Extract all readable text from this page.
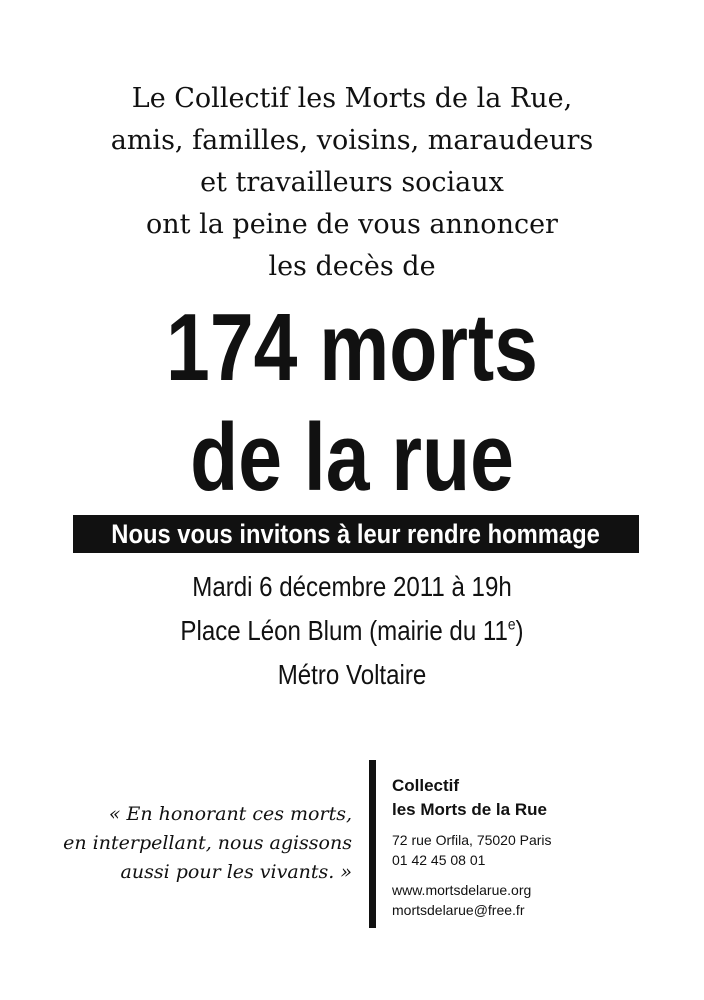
Le Collectif les Morts de la Rue,
amis, familles, voisins, maraudeurs
et travailleurs sociaux
ont la peine de vous annoncer
les decès de
174 morts
de la rue
Nous vous invitons à leur rendre hommage
Mardi 6 décembre 2011 à 19h
Place Léon Blum (mairie du 11e)
Métro Voltaire
« En honorant ces morts,
en interpellant, nous agissons
aussi pour les vivants. »
Collectif
les Morts de la Rue
72 rue Orfila, 75020 Paris
01 42 45 08 01
www.mortsdelarue.org
mortsdelarue@free.fr
